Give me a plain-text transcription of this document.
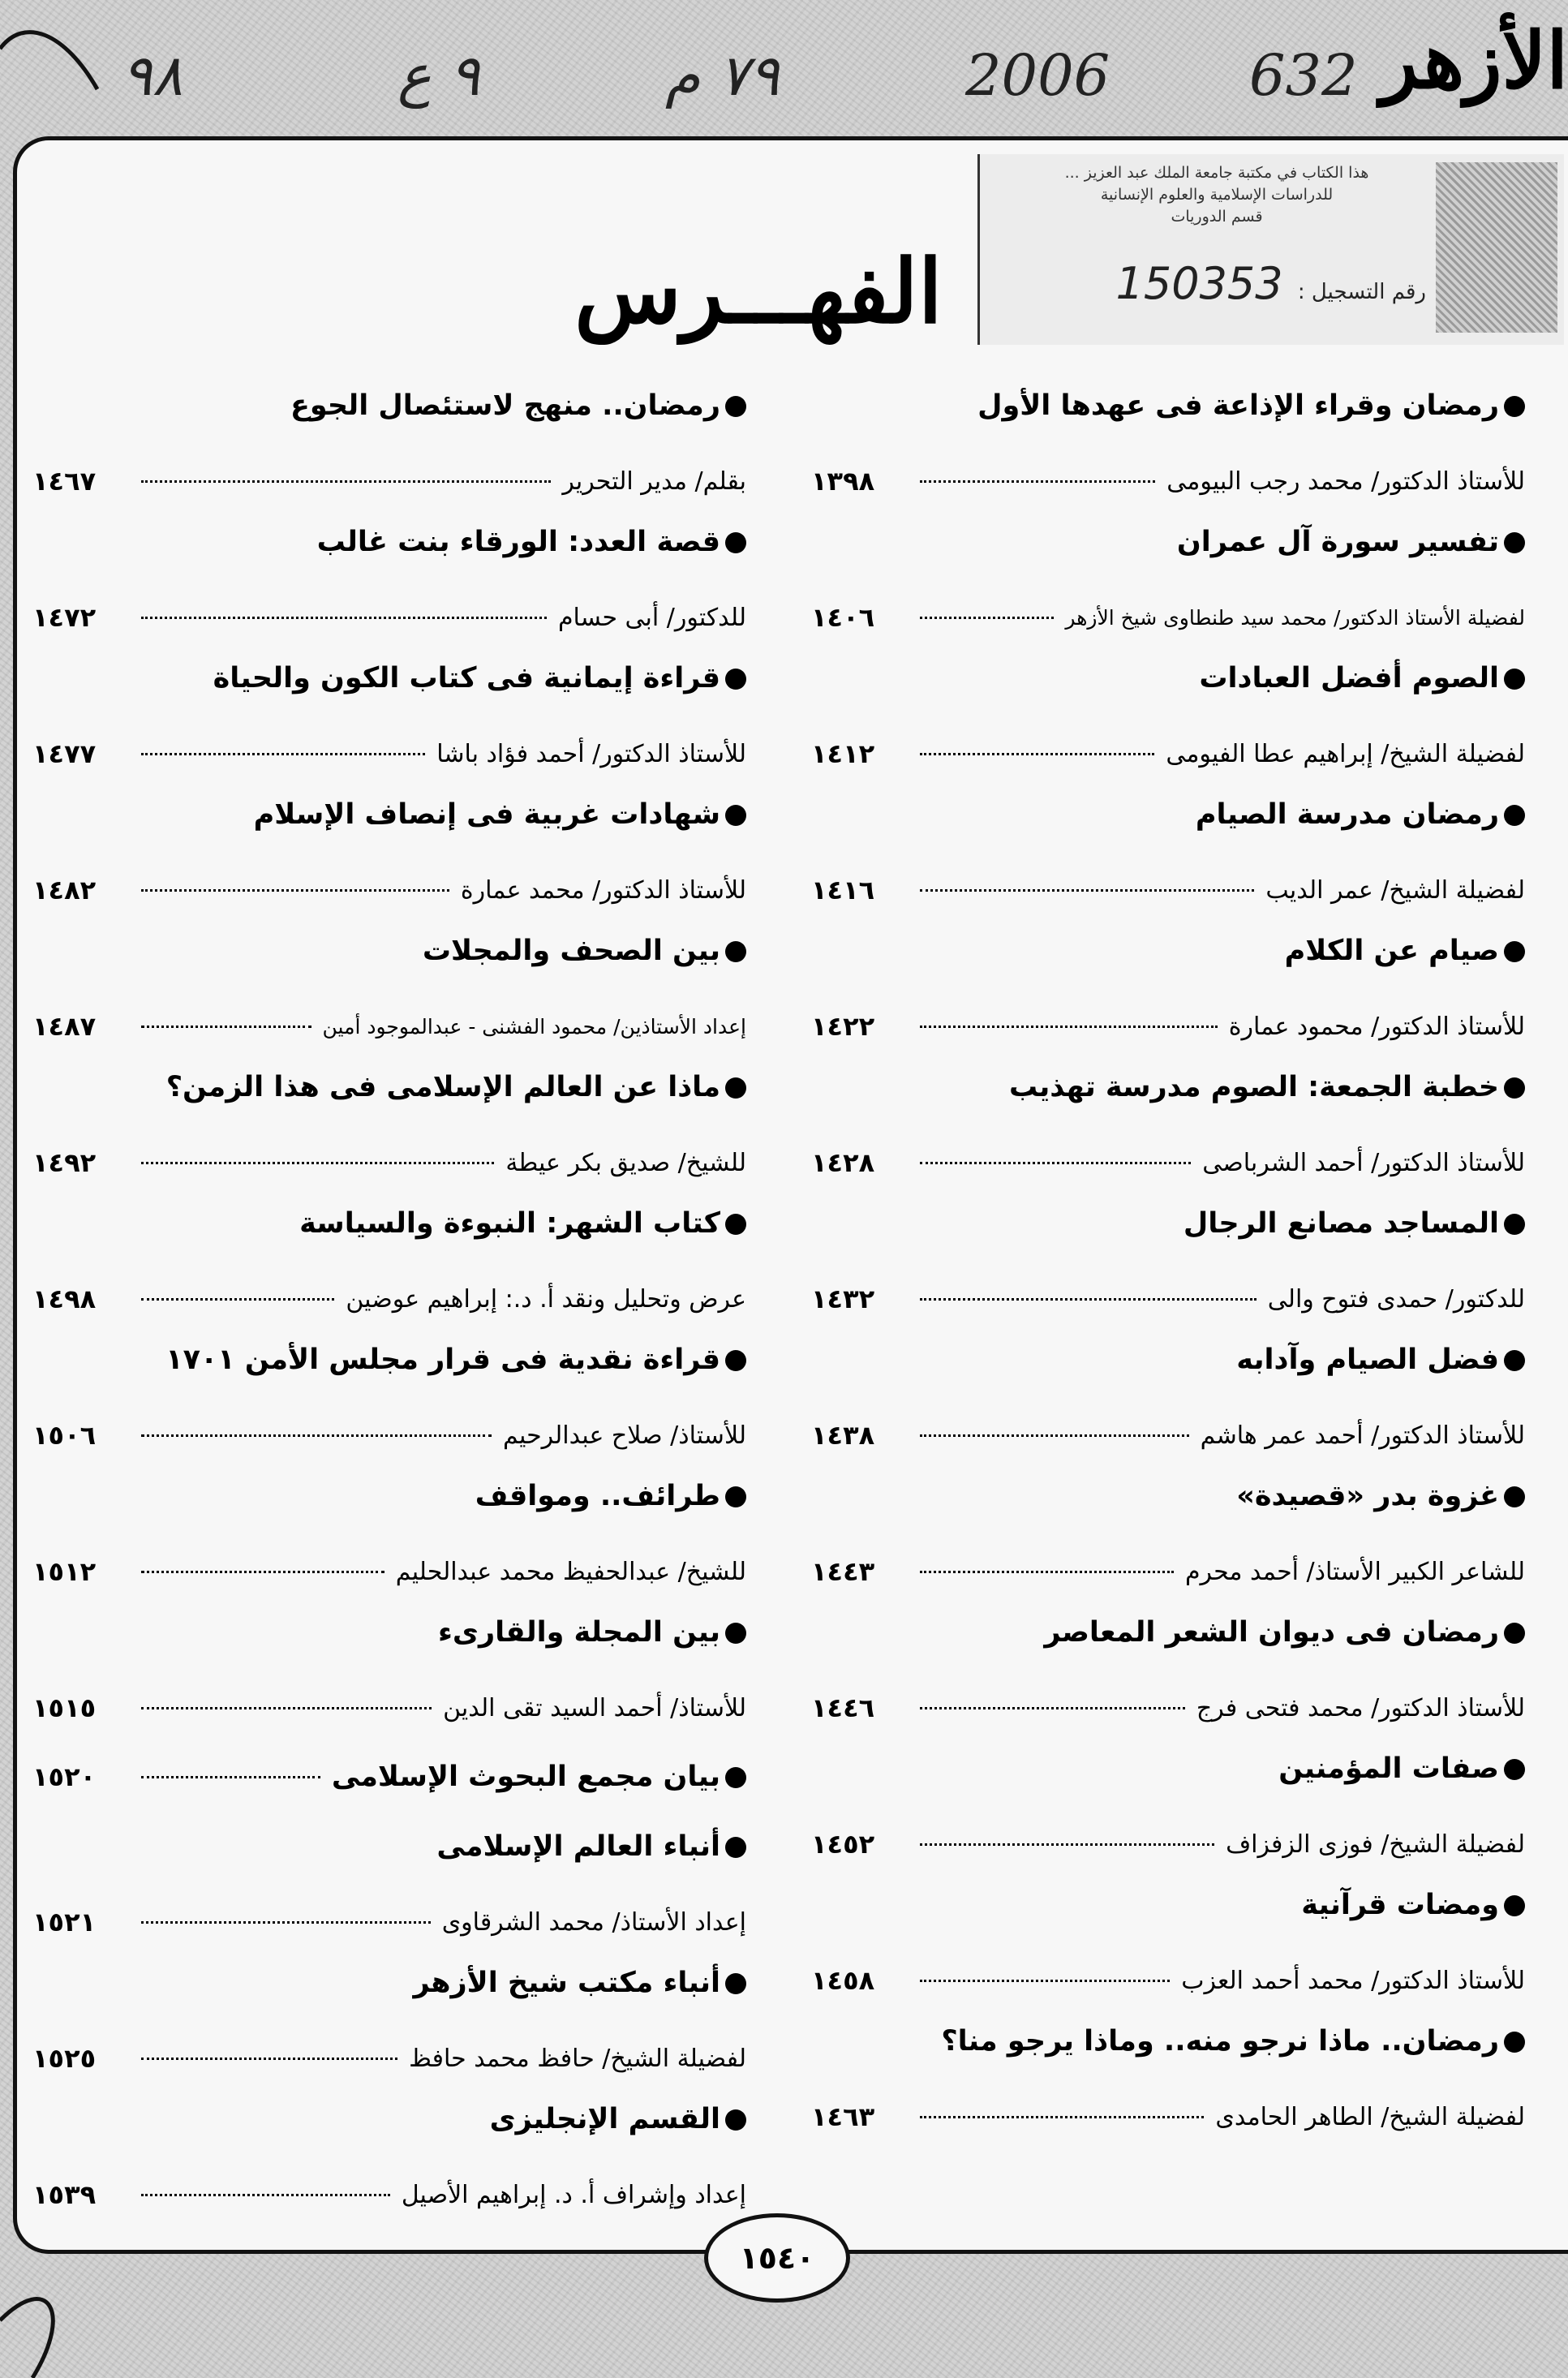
الأزهر
٩٨	٩ ع	٧٩ م	2006 632
هذا الكتاب في مكتبة جامعة الملك عبد العزيز ...
للدراسات الإسلامية والعلوم الإنسانية
قسم الدوريات
رقم التسجيل : 150353
الفهـــرس
رمضان وقراء الإذاعة فى عهدها الأول
للأستاذ الدكتور/ محمد رجب البيومى
١٣٩٨
تفسير سورة آل عمران
لفضيلة الأستاذ الدكتور/ محمد سيد طنطاوى شيخ الأزهر
١٤٠٦
الصوم أفضل العبادات
لفضيلة الشيخ/ إبراهيم عطا الفيومى
١٤١٢
رمضان مدرسة الصيام
لفضيلة الشيخ/ عمر الديب
١٤١٦
صيام عن الكلام
للأستاذ الدكتور/ محمود عمارة
١٤٢٢
خطبة الجمعة: الصوم مدرسة تهذيب
للأستاذ الدكتور/ أحمد الشرباصى
١٤٢٨
المساجد مصانع الرجال
للدكتور/ حمدى فتوح والى
١٤٣٢
فضل الصيام وآدابه
للأستاذ الدكتور/ أحمد عمر هاشم
١٤٣٨
غزوة بدر «قصيدة»
للشاعر الكبير الأستاذ/ أحمد محرم
١٤٤٣
رمضان فى ديوان الشعر المعاصر
للأستاذ الدكتور/ محمد فتحى فرج
١٤٤٦
صفات المؤمنين
لفضيلة الشيخ/ فوزى الزفزاف
١٤٥٢
ومضات قرآنية
للأستاذ الدكتور/ محمد أحمد العزب
١٤٥٨
رمضان.. ماذا نرجو منه.. وماذا يرجو منا؟
لفضيلة الشيخ/ الطاهر الحامدى
١٤٦٣
رمضان.. منهج لاستئصال الجوع
بقلم/ مدير التحرير
١٤٦٧
قصة العدد: الورقاء بنت غالب
للدكتور/ أبى حسام
١٤٧٢
قراءة إيمانية فى كتاب الكون والحياة
للأستاذ الدكتور/ أحمد فؤاد باشا
١٤٧٧
شهادات غربية فى إنصاف الإسلام
للأستاذ الدكتور/ محمد عمارة
١٤٨٢
بين الصحف والمجلات
إعداد الأستاذين/ محمود الفشنى - عبدالموجود أمين
١٤٨٧
ماذا عن العالم الإسلامى فى هذا الزمن؟
للشيخ/ صديق بكر عيطة
١٤٩٢
كتاب الشهر: النبوءة والسياسة
عرض وتحليل ونقد أ. د.: إبراهيم عوضين
١٤٩٨
قراءة نقدية فى قرار مجلس الأمن ١٧٠١
للأستاذ/ صلاح عبدالرحيم
١٥٠٦
طرائف.. ومواقف
للشيخ/ عبدالحفيظ محمد عبدالحليم
١٥١٢
بين المجلة والقارىء
للأستاذ/ أحمد السيد تقى الدين
١٥١٥
بيان مجمع البحوث الإسلامى
١٥٢٠
أنباء العالم الإسلامى
إعداد الأستاذ/ محمد الشرقاوى
١٥٢١
أنباء مكتب شيخ الأزهر
لفضيلة الشيخ/ حافظ محمد حافظ
١٥٢٥
القسم الإنجليزى
إعداد وإشراف أ. د. إبراهيم الأصيل
١٥٣٩
١٥٤٠
